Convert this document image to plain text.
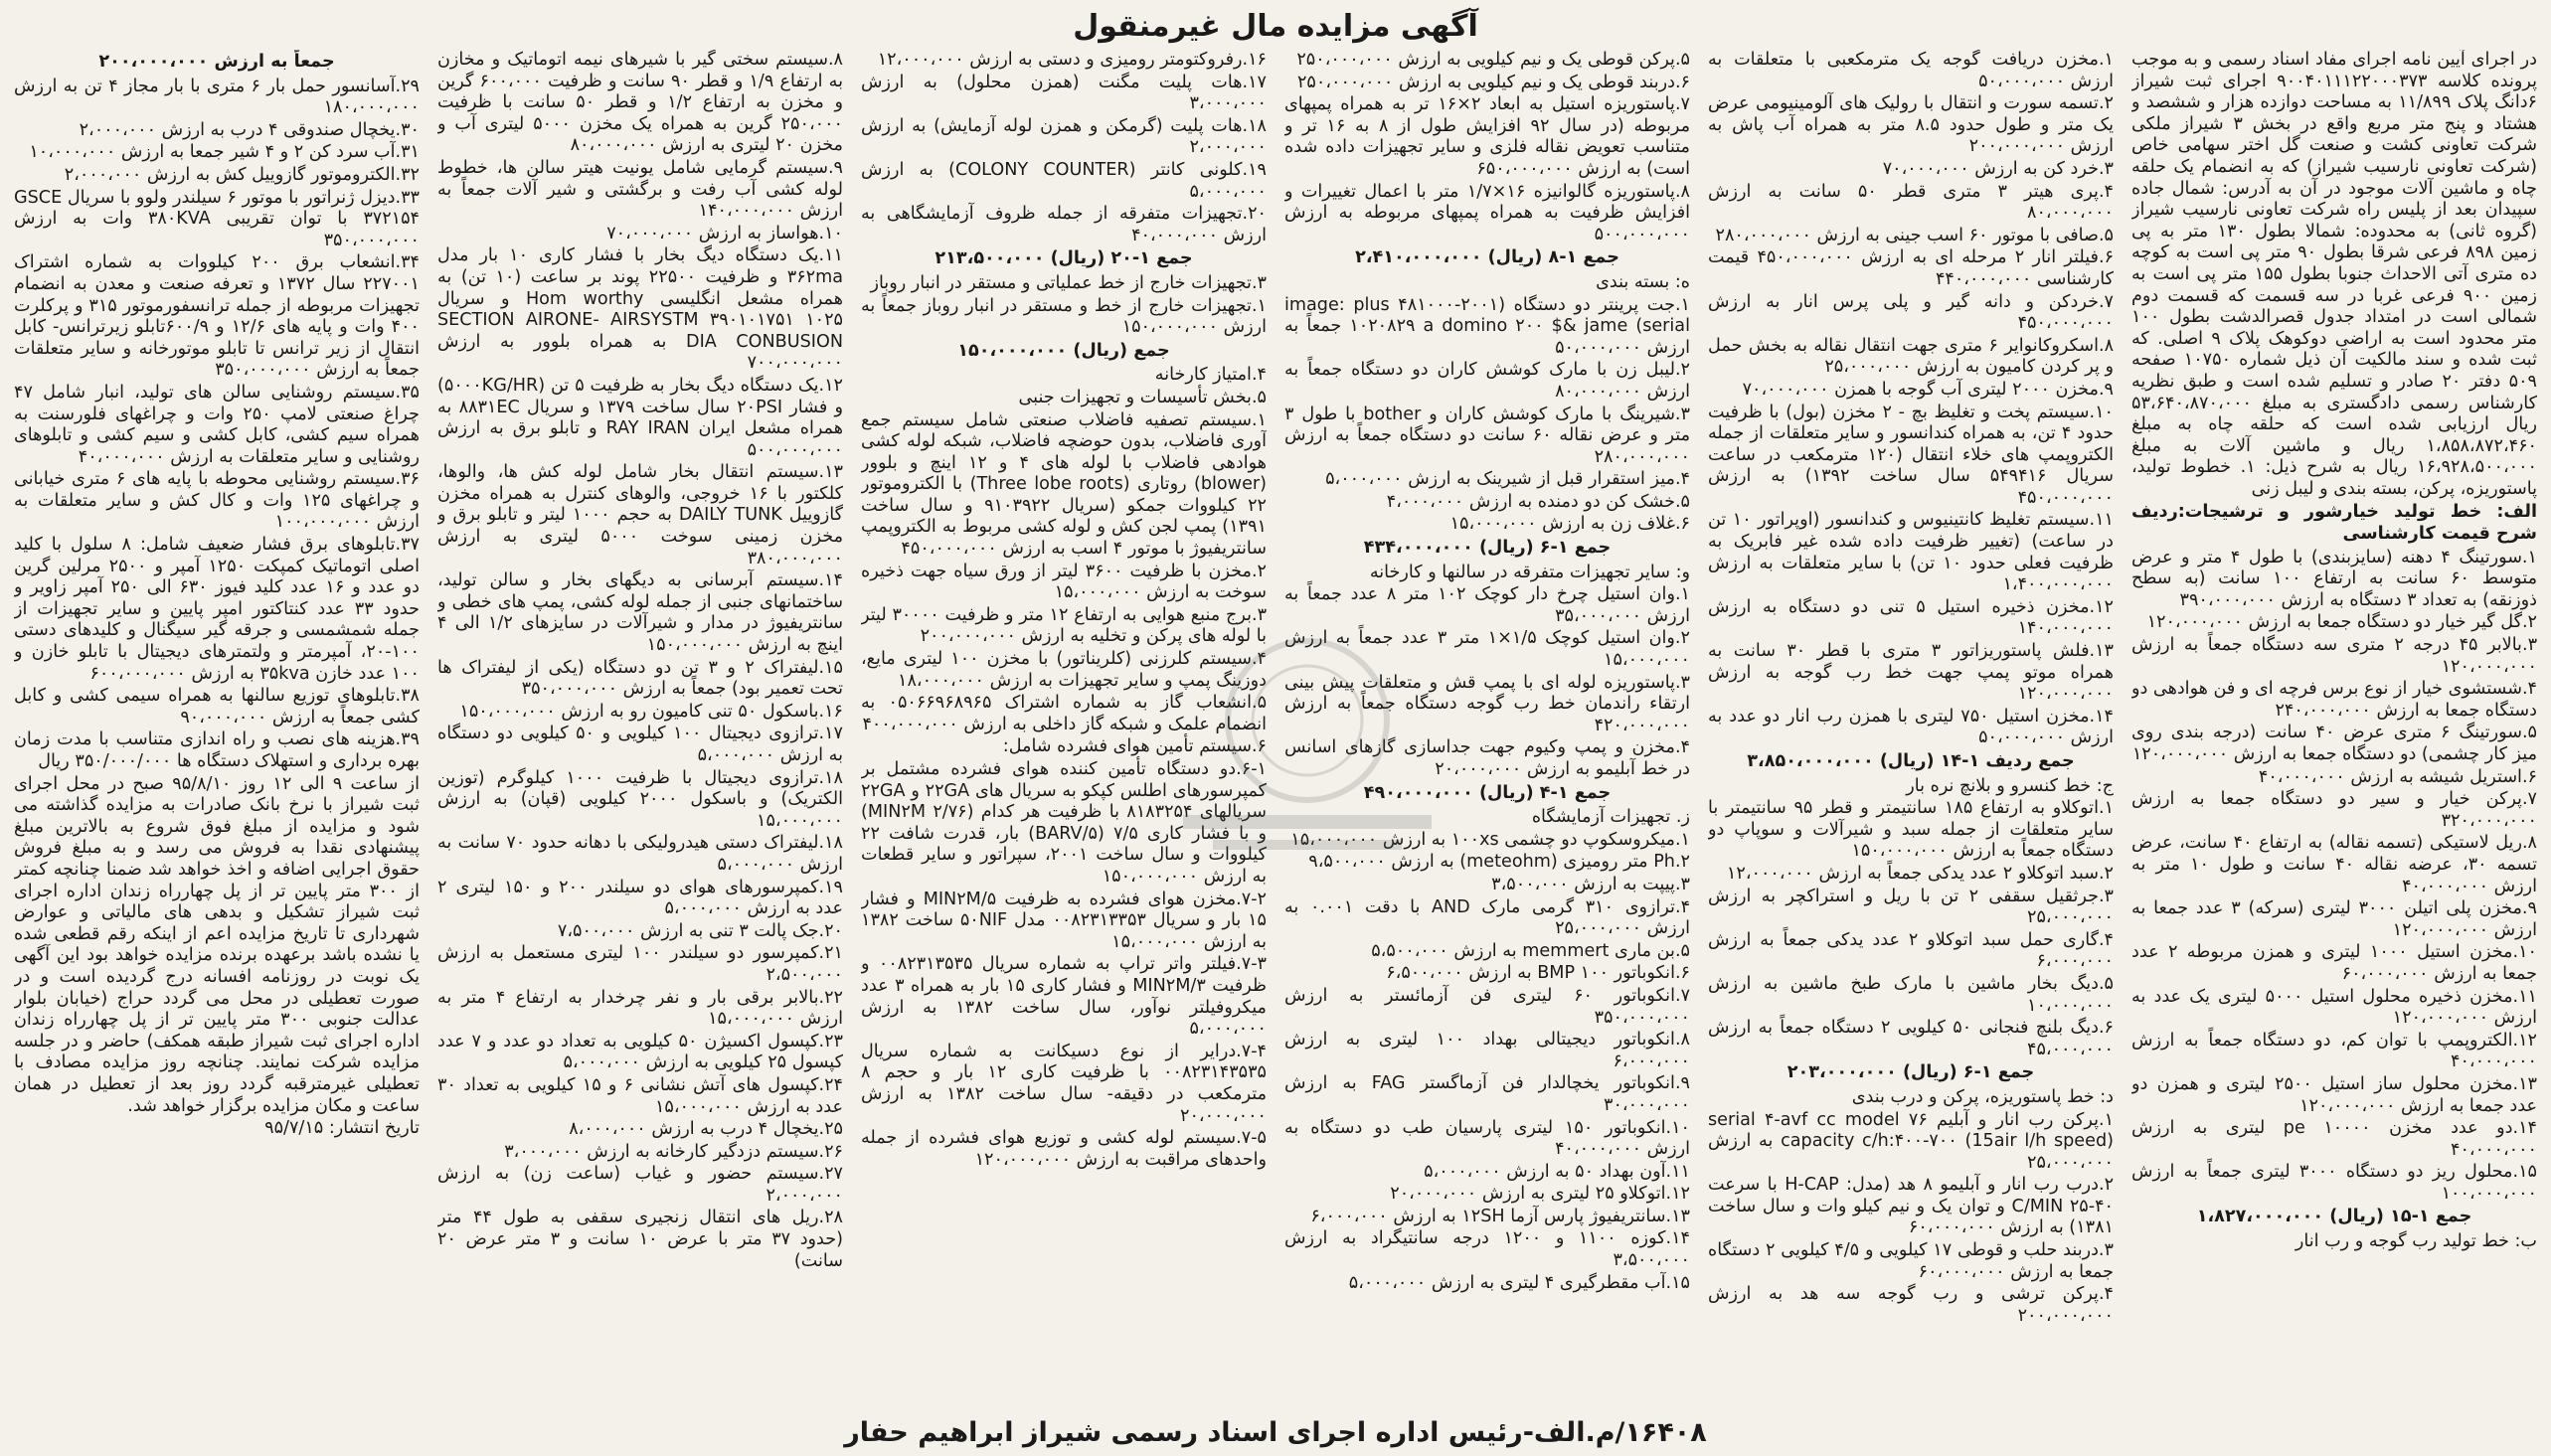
آگهی مزایده مال غیرمنقول

در اجرای آیین نامه اجرای مفاد اسناد رسمی و به موجب پرونده کلاسه ۹۰۰۴۰۱۱۱۲۲۰۰۰۳۷۳ اجرای ثبت شیراز ۶دانگ پلاک ۱۱/۸۹۹ به مساحت دوازده هزار و ششصد و هشتاد و پنج متر مربع واقع در بخش ۳ شیراز ملکی شرکت تعاونی کشت و صنعت گل اختر سهامی خاص (شرکت تعاونی نارسیب شیراز) که به انضمام یک حلقه چاه و ماشین آلات موجود در آن به آدرس: شمال جاده سپیدان بعد از پلیس راه شرکت تعاونی نارسیب شیراز (گروه ثانی) به محدوده: شمالا بطول ۱۳۰ متر به پی زمین ۸۹۸ فرعی شرقا بطول ۹۰ متر پی است به کوچه ده متری آتی الاحداث جنوبا بطول ۱۵۵ متر پی است به زمین ۹۰۰ فرعی غربا در سه قسمت که قسمت دوم شمالی است در امتداد جدول قصرالدشت بطول ۱۰۰ متر محدود است به اراضی دوکوهک پلاک ۹ اصلی. که ثبت شده و سند مالکیت آن ذیل شماره ۱۰۷۵۰ صفحه ۵۰۹ دفتر ۲۰ صادر و تسلیم شده است و طبق نظریه کارشناس رسمی دادگستری به مبلغ ۵۳،۶۴۰،۸۷۰،۰۰۰ ریال ارزیابی شده است که حلقه چاه به مبلغ ۱،۸۵۸،۸۷۲،۴۶۰ ریال و ماشین آلات به مبلغ ۱۶،۹۲۸،۵۰۰،۰۰۰ ریال به شرح ذیل: ۱. خطوط تولید، پاستوریزه، پرکن، بسته بندی و لیبل زنی

الف: خط تولید خیارشور و ترشیجات:ردیف شرح قیمت کارشناسی

۱.سورتینگ ۴ دهنه (سایزبندی) با طول ۴ متر و عرض متوسط ۶۰ سانت به ارتفاع ۱۰۰ سانت (به سطح ذوزنقه) به تعداد ۳ دستگاه به ارزش ۳۹۰،۰۰۰،۰۰۰

۲.گل گیر خیار دو دستگاه جمعا به ارزش ۱۲۰،۰۰۰،۰۰۰

۳.بالابر ۴۵ درجه ۲ متری سه دستگاه جمعاً به ارزش ۱۲۰،۰۰۰،۰۰۰

۴.شستشوی خیار از نوع برس فرچه ای و فن هوادهی دو دستگاه جمعا به ارزش ۲۴۰،۰۰۰،۰۰۰

۵.سورتینگ ۶ متری عرض ۴۰ سانت (درجه بندی روی میز کار چشمی) دو دستگاه جمعا به ارزش ۱۲۰،۰۰۰،۰۰۰

۶.استریل شیشه به ارزش ۴۰،۰۰۰،۰۰۰

۷.پرکن خیار و سیر دو دستگاه جمعا به ارزش ۳۲۰،۰۰۰،۰۰۰

۸.ریل لاستیکی (تسمه نقاله) به ارتفاع ۴۰ سانت، عرض تسمه ۳۰، عرضه نقاله ۴۰ سانت و طول ۱۰ متر به ارزش ۴۰،۰۰۰،۰۰۰

۹.مخزن پلی اتیلن ۳۰۰۰ لیتری (سرکه) ۳ عدد جمعا به ارزش ۱۲۰،۰۰۰،۰۰۰

۱۰.مخزن استیل ۱۰۰۰ لیتری و همزن مربوطه ۲ عدد جمعا به ارزش ۶۰،۰۰۰،۰۰۰

۱۱.مخزن ذخیره محلول استیل ۵۰۰۰ لیتری یک عدد به ارزش ۱۲۰،۰۰۰،۰۰۰

۱۲.الکتروپمپ با توان کم، دو دستگاه جمعاً به ارزش ۴۰،۰۰۰،۰۰۰

۱۳.مخزن محلول ساز استیل ۲۵۰۰ لیتری و همزن دو عدد جمعا به ارزش ۱۲۰،۰۰۰،۰۰۰

۱۴.دو عدد مخزن pe ۱۰۰۰۰ لیتری به ارزش ۴۰،۰۰۰،۰۰۰

۱۵.محلول ریز دو دستگاه ۳۰۰۰ لیتری جمعاً به ارزش ۱۰۰،۰۰۰،۰۰۰

جمع ۱-۱۵ (ریال) ۱،۸۲۷،۰۰۰،۰۰۰

ب: خط تولید رب گوجه و رب انار

۱.مخزن دریافت گوجه یک مترمکعبی با متعلقات به ارزش ۵۰،۰۰۰،۰۰۰

۲.تسمه سورت و انتقال با رولیک های آلومینیومی عرض یک متر و طول حدود ۸.۵ متر به همراه آب پاش به ارزش ۲۰۰،۰۰۰،۰۰۰

۳.خرد کن به ارزش ۷۰،۰۰۰،۰۰۰

۴.پری هیتر ۳ متری قطر ۵۰ سانت به ارزش ۸۰،۰۰۰،۰۰۰

۵.صافی با موتور ۶۰ اسب جینی به ارزش ۲۸۰،۰۰۰،۰۰۰

۶.فیلتر انار ۲ مرحله ای به ارزش ۴۵۰،۰۰۰،۰۰۰ قیمت کارشناسی ۴۴۰،۰۰۰،۰۰۰

۷.خردکن و دانه گیر و پلی پرس انار به ارزش ۴۵۰،۰۰۰،۰۰۰

۸.اسکروکانوایر ۶ متری جهت انتقال نقاله به بخش حمل و پر کردن کامیون به ارزش ۲۵،۰۰۰،۰۰۰

۹.مخزن ۲۰۰۰ لیتری آب گوجه با همزن ۷۰،۰۰۰،۰۰۰

۱۰.سیستم پخت و تغلیظ بچ - ۲ مخزن (بول) با ظرفیت حدود ۴ تن، به همراه کندانسور و سایر متعلقات از جمله الکتروپمپ های خلاء انتقال (۱۲۰ مترمکعب در ساعت سریال ۵۴۹۴۱۶ سال ساخت ۱۳۹۲) به ارزش ۴۵۰،۰۰۰،۰۰۰

۱۱.سیستم تغلیظ کانتینیوس و کندانسور (اوپراتور ۱۰ تن در ساعت) (تغییر ظرفیت داده شده غیر فابریک به ظرفیت فعلی حدود ۱۰ تن) با سایر متعلقات به ارزش ۱،۴۰۰،۰۰۰،۰۰۰

۱۲.مخزن ذخیره استیل ۵ تنی دو دستگاه به ارزش ۱۴۰،۰۰۰،۰۰۰

۱۳.فلش پاستوریزاتور ۳ متری با قطر ۳۰ سانت به همراه موتو پمپ جهت خط رب گوجه به ارزش ۱۲۰،۰۰۰،۰۰۰

۱۴.مخزن استیل ۷۵۰ لیتری با همزن رب انار دو عدد به ارزش ۵۰،۰۰۰،۰۰۰

جمع ردیف ۱-۱۴ (ریال) ۳،۸۵۰،۰۰۰،۰۰۰

ج: خط کنسرو و بلانچ نره بار

۱.اتوکلاو به ارتفاع ۱۸۵ سانتیمتر و قطر ۹۵ سانتیمتر با سایر متعلقات از جمله سبد و شیرآلات و سوپاپ دو دستگاه جمعاً به ارزش ۱۵۰،۰۰۰،۰۰۰

۲.سبد اتوکلاو ۲ عدد یدکی جمعاً به ارزش ۱۲،۰۰۰،۰۰۰

۳.جرثقیل سقفی ۲ تن با ریل و استراکچر به ارزش ۲۵،۰۰۰،۰۰۰

۴.گاری حمل سبد اتوکلاو ۲ عدد یدکی جمعاً به ارزش ۶،۰۰۰،۰۰۰

۵.دیگ بخار ماشین با مارک طبخ ماشین به ارزش ۱۰،۰۰۰،۰۰۰

۶.دیگ بلنچ فنجانی ۵۰ کیلویی ۲ دستگاه جمعاً به ارزش ۴۵،۰۰۰،۰۰۰

جمع ۱-۶ (ریال) ۲۰۳،۰۰۰،۰۰۰

د: خط پاستوریزه، پرکن و درب بندی

۱.پرکن رب انار و آبلیم ۷۶ serial ۴-avf cc model capacity c/h:۴۰۰-۷۰۰ (15air l/h speed) به ارزش ۲۵،۰۰۰،۰۰۰

۲.درب رب انار و آبلیمو ۸ هد (مدل: H-CAP با سرعت C/MIN ۲۵-۴۰ و توان یک و نیم کیلو وات و سال ساخت ۱۳۸۱) به ارزش ۶۰،۰۰۰،۰۰۰

۳.دربند حلب و قوطی ۱۷ کیلویی و ۴/۵ کیلویی ۲ دستگاه جمعا به ارزش ۶۰،۰۰۰،۰۰۰

۴.پرکن ترشی و رب گوجه سه هد به ارزش ۲۰۰،۰۰۰،۰۰۰

۵.پرکن قوطی یک و نیم کیلویی به ارزش ۲۵۰،۰۰۰،۰۰۰

۶.دربند قوطی یک و نیم کیلویی به ارزش ۲۵۰،۰۰۰،۰۰۰

۷.پاستوریزه استیل به ابعاد ۲×۱۶ تر به همراه پمپهای مربوطه (در سال ۹۲ افزایش طول از ۸ به ۱۶ تر و متناسب تعویض نقاله فلزی و سایر تجهیزات داده شده است) به ارزش ۶۵۰،۰۰۰،۰۰۰

۸.پاستوریزه گالوانیزه ۱۶×۱/۷ متر با اعمال تغییرات و افزایش ظرفیت به همراه پمپهای مربوطه به ارزش ۵۰۰،۰۰۰،۰۰۰

جمع ۱-۸ (ریال) ۲،۴۱۰،۰۰۰،۰۰۰

ه: بسته بندی

۱.جت پرینتر دو دستگاه (۲۰۰۱-image: plus ۴۸۱۰۰۰ serial) ۱۰۲۰۸۲۹ a domino ۲۰۰ $& jame جمعاً به ارزش ۵۰،۰۰۰،۰۰۰

۲.لیبل زن با مارک کوشش کاران دو دستگاه جمعاً به ارزش ۸۰،۰۰۰،۰۰۰

۳.شیرینگ با مارک کوشش کاران و bother با طول ۳ متر و عرض نقاله ۶۰ سانت دو دستگاه جمعاً به ارزش ۲۸۰،۰۰۰،۰۰۰

۴.میز استقرار قبل از شیرینک به ارزش ۵،۰۰۰،۰۰۰

۵.خشک کن دو دمنده به ارزش ۴،۰۰۰،۰۰۰

۶.غلاف زن به ارزش ۱۵،۰۰۰،۰۰۰

جمع ۱-۶ (ریال) ۴۳۴،۰۰۰،۰۰۰

و: سایر تجهیزات متفرقه در سالنها و کارخانه

۱.وان استیل چرخ دار کوچک ۱۰۲ متر ۸ عدد جمعاً به ارزش ۳۵،۰۰۰،۰۰۰

۲.وان استیل کوچک ۱/۵×۱ متر ۳ عدد جمعاً به ارزش ۱۵،۰۰۰،۰۰۰

۳.پاستوریزه لوله ای با پمپ قش و متعلقات پیش بینی ارتقاء راندمان خط رب گوجه دستگاه جمعاً به ارزش ۴۲۰،۰۰۰،۰۰۰

۴.مخزن و پمپ وکیوم جهت جداسازی گازهای اسانس در خط آبلیمو به ارزش ۲۰،۰۰۰،۰۰۰

جمع ۱-۴ (ریال) ۴۹۰،۰۰۰،۰۰۰

ز. تجهیزات آزمایشگاه

۱.میکروسکوپ دو چشمی ۱۰۰xs به ارزش ۱۵،۰۰۰،۰۰۰

۲.Ph متر رومیزی (meteohm) به ارزش ۹،۵۰۰،۰۰۰

۳.پیپت به ارزش ۳،۵۰۰،۰۰۰

۴.ترازوی ۳۱۰ گرمی مارک AND با دقت ۰.۰۰۱ به ارزش ۲۵،۰۰۰،۰۰۰

۵.بن ماری memmert به ارزش ۵،۵۰۰،۰۰۰

۶.انکوباتور BMP ۱۰۰ به ارزش ۶،۵۰۰،۰۰۰

۷.انکوباتور ۶۰ لیتری فن آزمائستر به ارزش ۳۵۰،۰۰۰،۰۰۰

۸.انکوباتور دیجیتالی بهداد ۱۰۰ لیتری به ارزش ۶،۰۰۰،۰۰۰

۹.انکوباتور یخچالدار فن آزماگستر FAG به ارزش ۳۰،۰۰۰،۰۰۰

۱۰.انکوباتور ۱۵۰ لیتری پارسیان طب دو دستگاه به ارزش ۴۰،۰۰۰،۰۰۰

۱۱.آون بهداد ۵۰ به ارزش ۵،۰۰۰،۰۰۰

۱۲.اتوکلاو ۲۵ لیتری به ارزش ۲۰،۰۰۰،۰۰۰

۱۳.سانتریفیوژ پارس آزما ۱۲SH به ارزش ۶،۰۰۰،۰۰۰

۱۴.کوزه ۱۱۰۰ و ۱۲۰۰ درجه سانتیگراد به ارزش ۳،۵۰۰،۰۰۰

۱۵.آب مقطرگیری ۴ لیتری به ارزش ۵،۰۰۰،۰۰۰

۱۶.رفروکتومتر رومیزی و دستی به ارزش ۱۲،۰۰۰،۰۰۰

۱۷.هات پلیت مگنت (همزن محلول) به ارزش ۳،۰۰۰،۰۰۰

۱۸.هات پلیت (گرمکن و همزن لوله آزمایش) به ارزش ۲،۰۰۰،۰۰۰

۱۹.کلونی کانتر (COLONY COUNTER) به ارزش ۵،۰۰۰،۰۰۰

۲۰.تجهیزات متفرقه از جمله ظروف آزمایشگاهی به ارزش ۴۰،۰۰۰،۰۰۰

جمع ۱-۲۰ (ریال) ۲۱۳،۵۰۰،۰۰۰

۳.تجهیزات خارج از خط عملیاتی و مستقر در انبار روباز

۱.تجهیزات خارج از خط و مستقر در انبار روباز جمعاً به ارزش ۱۵۰،۰۰۰،۰۰۰

جمع (ریال) ۱۵۰،۰۰۰،۰۰۰

۴.امتیاز کارخانه

۵.بخش تأسیسات و تجهیزات جنبی

۱.سیستم تصفیه فاضلاب صنعتی شامل سیستم جمع آوری فاضلاب، بدون حوضچه فاضلاب، شبکه لوله کشی هوادهی فاضلاب با لوله های ۴ و ۱۲ اینچ و بلوور (blower) روتاری (Three lobe roots) با الکتروموتور ۲۲ کیلووات جمکو (سریال ۹۱۰۳۹۲۲ و سال ساخت ۱۳۹۱) پمپ لجن کش و لوله کشی مربوط به الکتروپمپ سانتریفیوژ با موتور ۴ اسب به ارزش ۴۵۰،۰۰۰،۰۰۰

۲.مخزن با ظرفیت ۳۶۰۰ لیتر از ورق سیاه جهت ذخیره سوخت به ارزش ۱۵،۰۰۰،۰۰۰

۳.برج منبع هوایی به ارتفاع ۱۲ متر و ظرفیت ۳۰۰۰۰ لیتر با لوله های پرکن و تخلیه به ارزش ۲۰۰،۰۰۰،۰۰۰

۴.سیستم کلرزنی (کلریناتور) با مخزن ۱۰۰ لیتری مایع، دوزینگ پمپ و سایر تجهیزات به ارزش ۱۸،۰۰۰،۰۰۰

۵.انشعاب گاز به شماره اشتراک ۰۵۰۶۶۹۶۸۹۶۵ به انضمام علمک و شبکه گاز داخلی به ارزش ۴۰۰،۰۰۰،۰۰۰

۶.سیستم تأمین هوای فشرده شامل:

۶-۱.دو دستگاه تأمین کننده هوای فشرده مشتمل بر کمپرسورهای اطلس کپکو به سریال های ۲۲GA و ۲۲GA سریالهای ۸۱۸۳۲۵۴ با ظرفیت هر کدام (۲/۷۶ MIN۲M) و با فشار کاری ۷/۵ (۵/BARV) بار، قدرت شافت ۲۲ کیلووات و سال ساخت ۲۰۰۱، سپراتور و سایر قطعات به ارزش ۱۵۰،۰۰۰،۰۰۰

۷-۲.مخزن هوای فشرده به ظرفیت ۵/MIN۲M و فشار ۱۵ بار و سریال ۰۰۸۲۳۱۳۳۵۳ مدل ۵۰NIF ساخت ۱۳۸۲ به ارزش ۱۵،۰۰۰،۰۰۰

۷-۳.فیلتر واتر تراپ به شماره سریال ۰۰۸۲۳۱۳۵۳۵ و ظرفیت ۳/MIN۲M و فشار کاری ۱۵ بار به همراه ۳ عدد میکروفیلتر نوآور، سال ساخت ۱۳۸۲ به ارزش ۵،۰۰۰،۰۰۰

۷-۴.درایر از نوع دسیکانت به شماره سریال ۰۰۸۲۳۱۴۳۵۳۵ با ظرفیت کاری ۱۲ بار و حجم ۸ مترمکعب در دقیقه- سال ساخت ۱۳۸۲ به ارزش ۲۰،۰۰۰،۰۰۰

۷-۵.سیستم لوله کشی و توزیع هوای فشرده از جمله واحدهای مراقبت به ارزش ۱۲۰،۰۰۰،۰۰۰

۸.سیستم سختی گیر با شیرهای نیمه اتوماتیک و مخازن به ارتفاع ۱/۹ و قطر ۹۰ سانت و ظرفیت ۶۰۰،۰۰۰ گرین و مخزن به ارتفاع ۱/۲ و قطر ۵۰ سانت با ظرفیت ۲۵۰،۰۰۰ گرین به همراه یک مخزن ۵۰۰۰ لیتری آب و مخزن ۲۰ لیتری به ارزش ۸۰،۰۰۰،۰۰۰

۹.سیستم گرمایی شامل یونیت هیتر سالن ها، خطوط لوله کشی آب رفت و برگشتی و شیر آلات جمعاً به ارزش ۱۴۰،۰۰۰،۰۰۰

۱۰.هواساز به ارزش ۷۰،۰۰۰،۰۰۰

۱۱.یک دستگاه دیگ بخار با فشار کاری ۱۰ بار مدل ۳۶۲ma و ظرفیت ۲۲۵۰۰ پوند بر ساعت (۱۰ تن) به همراه مشعل انگلیسی Hom worthy و سریال SECTION AIRONE- AIRSYSTM ۳۹۰۱۰۱۷۵۱ ۱۰۲۵ DIA CONBUSION به همراه بلوور به ارزش ۷۰۰،۰۰۰،۰۰۰

۱۲.یک دستگاه دیگ بخار به ظرفیت ۵ تن (۵۰۰۰KG/HR) و فشار ۲۰PSI سال ساخت ۱۳۷۹ و سریال ۸۸۳۱EC به همراه مشعل ایران RAY IRAN و تابلو برق به ارزش ۵۰۰،۰۰۰،۰۰۰

۱۳.سیستم انتقال بخار شامل لوله کش ها، والوها، کلکتور با ۱۶ خروجی، والوهای کنترل به همراه مخزن گازوییل DAILY TUNK به حجم ۱۰۰۰ لیتر و تابلو برق و مخزن زمینی سوخت ۵۰۰۰ لیتری به ارزش ۳۸۰،۰۰۰،۰۰۰

۱۴.سیستم آبرسانی به دیگهای بخار و سالن تولید، ساختمانهای جنبی از جمله لوله کشی، پمپ های خطی و سانتریفیوژ در مدار و شیرآلات در سایزهای ۱/۲ الی ۴ اینچ به ارزش ۱۵۰،۰۰۰،۰۰۰

۱۵.لیفتراک ۲ و ۳ تن دو دستگاه (یکی از لیفتراک ها تحت تعمیر بود) جمعاً به ارزش ۳۵۰،۰۰۰،۰۰۰

۱۶.باسکول ۵۰ تنی کامیون رو به ارزش ۱۵۰،۰۰۰،۰۰۰

۱۷.ترازوی دیجیتال ۱۰۰ کیلویی و ۵۰ کیلویی دو دستگاه به ارزش ۵،۰۰۰،۰۰۰

۱۸.ترازوی دیجیتال با ظرفیت ۱۰۰۰ کیلوگرم (توزین الکتریک) و باسکول ۲۰۰۰ کیلویی (قپان) به ارزش ۱۵،۰۰۰،۰۰۰

۱۸.لیفتراک دستی هیدرولیکی با دهانه حدود ۷۰ سانت به ارزش ۵،۰۰۰،۰۰۰

۱۹.کمپرسورهای هوای دو سیلندر ۲۰۰ و ۱۵۰ لیتری ۲ عدد به ارزش ۵،۰۰۰،۰۰۰

۲۰.جک پالت ۳ تنی به ارزش ۷،۵۰۰،۰۰۰

۲۱.کمپرسور دو سیلندر ۱۰۰ لیتری مستعمل به ارزش ۲،۵۰۰،۰۰۰

۲۲.بالابر برقی بار و نفر چرخدار به ارتفاع ۴ متر به ارزش ۱۵،۰۰۰،۰۰۰

۲۳.کپسول اکسیژن ۵۰ کیلویی به تعداد دو عدد و ۷ عدد کپسول ۲۵ کیلویی به ارزش ۵،۰۰۰،۰۰۰

۲۴.کپسول های آتش نشانی ۶ و ۱۵ کیلویی به تعداد ۳۰ عدد به ارزش ۱۵،۰۰۰،۰۰۰

۲۵.یخچال ۴ درب به ارزش ۸،۰۰۰،۰۰۰

۲۶.سیستم دزدگیر کارخانه به ارزش ۳،۰۰۰،۰۰۰

۲۷.سیستم حضور و غیاب (ساعت زن) به ارزش ۲،۰۰۰،۰۰۰

۲۸.ریل های انتقال زنجیری سقفی به طول ۴۴ متر (حدود ۳۷ متر با عرض ۱۰ سانت و ۳ متر عرض ۲۰ سانت)

جمعاً به ارزش ۲۰۰،۰۰۰،۰۰۰

۲۹.آسانسور حمل بار ۶ متری با بار مجاز ۴ تن به ارزش ۱۸۰،۰۰۰،۰۰۰

۳۰.یخچال صندوقی ۴ درب به ارزش ۲،۰۰۰،۰۰۰

۳۱.آب سرد کن ۲ و ۴ شیر جمعا به ارزش ۱۰،۰۰۰،۰۰۰

۳۲.الکتروموتور گازوییل کش به ارزش ۲،۰۰۰،۰۰۰

۳۳.دیزل ژنراتور با موتور ۶ سیلندر ولوو با سریال GSCE ۳۷۲۱۵۴ با توان تقریبی ۳۸۰KVA وات به ارزش ۳۵۰،۰۰۰،۰۰۰

۳۴.انشعاب برق ۲۰۰ کیلووات به شماره اشتراک ۲۲۷۰۰۱ سال ۱۳۷۲ و تعرفه صنعت و معدن به انضمام تجهیزات مربوطه از جمله ترانسفورموتور ۳۱۵ و پرکلرت ۴۰۰ وات و پایه های ۱۲/۶ و ۶۰۰/۹تابلو زیرترانس- کابل انتقال از زیر ترانس تا تابلو موتورخانه و سایر متعلقات جمعاً به ارزش ۳۵۰،۰۰۰،۰۰۰

۳۵.سیستم روشنایی سالن های تولید، انبار شامل ۴۷ چراغ صنعتی لامپ ۲۵۰ وات و چراغهای فلورسنت به همراه سیم کشی، کابل کشی و سیم کشی و تابلوهای روشنایی و سایر متعلقات به ارزش ۴۰،۰۰۰،۰۰۰

۳۶.سیستم روشنایی محوطه با پایه های ۶ متری خیابانی و چراغهای ۱۲۵ وات و کال کش و سایر متعلقات به ارزش ۱۰۰،۰۰۰،۰۰۰

۳۷.تابلوهای برق فشار ضعیف شامل: ۸ سلول با کلید اصلی اتوماتیک کمپکت ۱۲۵۰ آمپر و ۲۵۰۰ مرلین گرین دو عدد و ۱۶ عدد کلید فیوز ۶۳۰ الی ۲۵۰ آمپر زاویر و حدود ۳۳ عدد کنتاکتور امپر پایین و سایر تجهیزات از جمله شمشمسی و جرقه گیر سیگنال و کلیدهای دستی ۱۰۰-۲۰، آمپرمتر و ولتمترهای دیجیتال با تابلو خازن و ۱۰۰ عدد خازن ۳۵kva به ارزش ۶۰۰،۰۰۰،۰۰۰

۳۸.تابلوهای توزیع سالنها به همراه سیمی کشی و کابل کشی جمعاً به ارزش ۹۰،۰۰۰،۰۰۰

۳۹.هزینه های نصب و راه اندازی متناسب با مدت زمان بهره برداری و استهلاک دستگاه ها ۳۵۰/۰۰۰/۰۰۰ ریال

از ساعت ۹ الی ۱۲ روز ۹۵/۸/۱۰ صبح در محل اجرای ثبت شیراز با نرخ بانک صادرات به مزایده گذاشته می شود و مزایده از مبلغ فوق شروع به بالاترین مبلغ پیشنهادی نقدا به فروش می رسد و به مبلغ فروش حقوق اجرایی اضافه و اخذ خواهد شد ضمنا چنانچه کمتر از ۳۰۰ متر پایین تر از پل چهارراه زندان اداره اجرای ثبت شیراز تشکیل و بدهی های مالیاتی و عوارض شهرداری تا تاریخ مزایده اعم از اینکه رقم قطعی شده یا نشده باشد برعهده برنده مزایده خواهد بود این آگهی یک نوبت در روزنامه افسانه درج گردیده است و در صورت تعطیلی در محل می گردد حراج (خیابان بلوار عدالت جنوبی ۳۰۰ متر پایین تر از پل چهارراه زندان اداره اجرای ثبت شیراز طبقه همکف) حاضر و در جلسه مزایده شرکت نمایند. چنانچه روز مزایده مصادف با تعطیلی غیرمترقبه گردد روز بعد از تعطیل در همان ساعت و مکان مزایده برگزار خواهد شد.

تاریخ انتشار: ۹۵/۷/۱۵

۱۶۴۰۸/م.الف-رئیس اداره اجرای اسناد رسمی شیراز ابراهیم حفار
